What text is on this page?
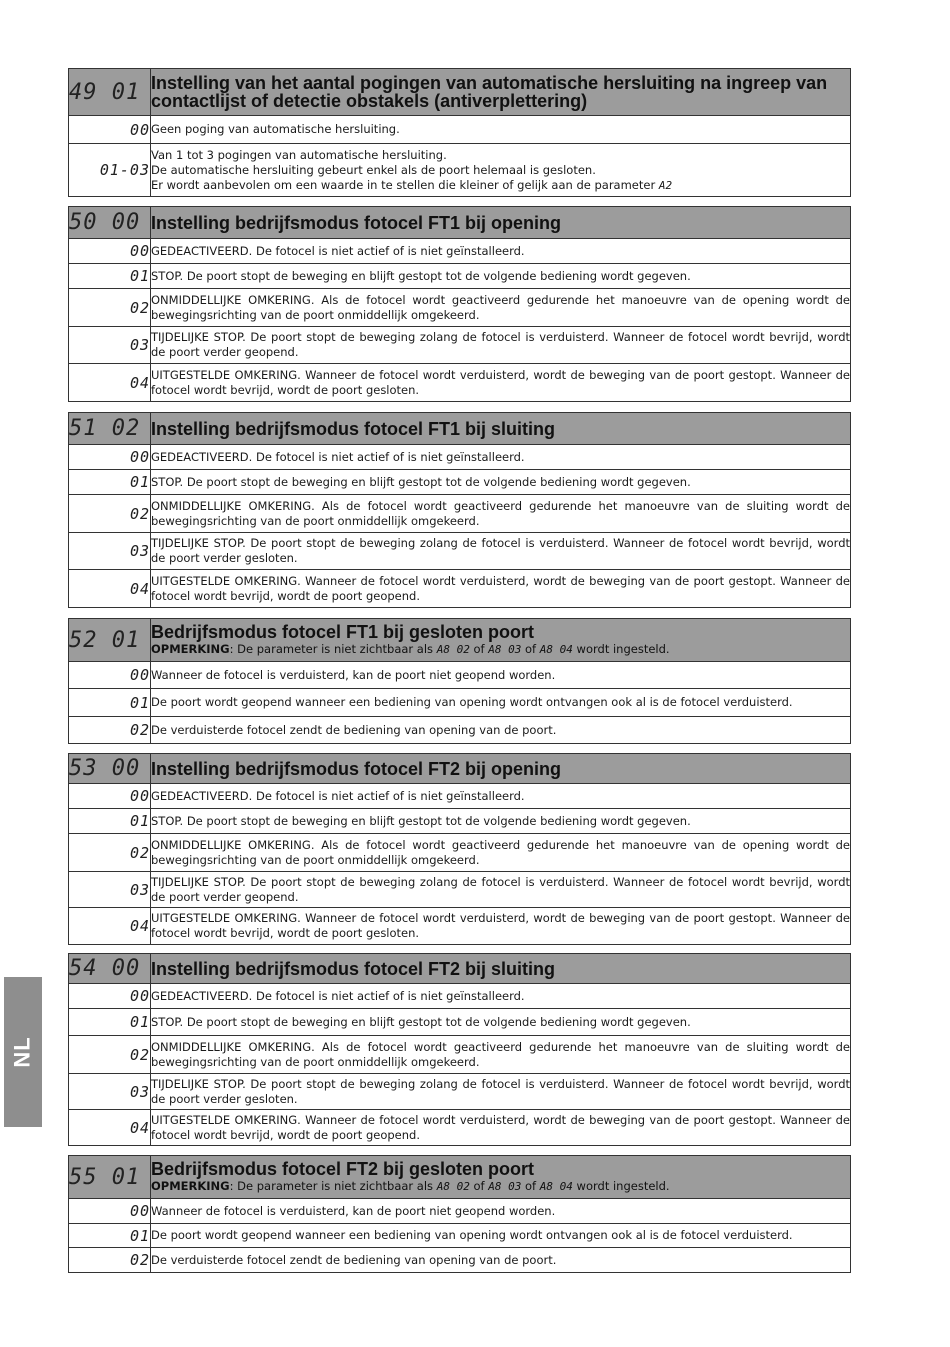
NL
49 01	Instelling van het aantal pogingen van automatische hersluiting na ingreep van contactlijst of detectie obstakels (antiverplettering)
00	Geen poging van automatische hersluiting.

01-03	Van 1 tot 3 pogingen van automatische hersluiting.
De automatische hersluiting gebeurt enkel als de poort helemaal is gesloten.
Er wordt aanbevolen om een waarde in te stellen die kleiner of gelijk aan de parameter A2
50 00	Instelling bedrijfsmodus fotocel FT1 bij opening
00	GEDEACTIVEERD. De fotocel is niet actief of is niet geïnstalleerd.

01	STOP. De poort stopt de beweging en blijft gestopt tot de volgende bediening wordt gegeven.

02	ONMIDDELLIJKE OMKERING. Als de fotocel wordt geactiveerd gedurende het manoeuvre van de opening wordt de bewegingsrichting van de poort onmiddellijk omgekeerd.

03	TIJDELIJKE STOP. De poort stopt de beweging zolang de fotocel is verduisterd. Wanneer de fotocel wordt bevrijd, wordt de poort verder geopend.

04	UITGESTELDE OMKERING. Wanneer de fotocel wordt verduisterd, wordt de beweging van de poort gestopt. Wanneer de fotocel wordt bevrijd, wordt de poort gesloten.
51 02	Instelling bedrijfsmodus fotocel FT1 bij sluiting
00	GEDEACTIVEERD. De fotocel is niet actief of is niet geïnstalleerd.

01	STOP. De poort stopt de beweging en blijft gestopt tot de volgende bediening wordt gegeven.

02	ONMIDDELLIJKE OMKERING. Als de fotocel wordt geactiveerd gedurende het manoeuvre van de sluiting wordt de bewegingsrichting van de poort onmiddellijk omgekeerd.

03	TIJDELIJKE STOP. De poort stopt de beweging zolang de fotocel is verduisterd. Wanneer de fotocel wordt bevrijd, wordt de poort verder gesloten.

04	UITGESTELDE OMKERING. Wanneer de fotocel wordt verduisterd, wordt de beweging van de poort gestopt. Wanneer de fotocel wordt bevrijd, wordt de poort geopend.
52 01	Bedrijfsmodus fotocel FT1 bij gesloten poort
OPMERKING: De parameter is niet zichtbaar als A8 02 of A8 03 of A8 04 wordt ingesteld.

00	Wanneer de fotocel is verduisterd, kan de poort niet geopend worden.

01	De poort wordt geopend wanneer een bediening van opening wordt ontvangen ook al is de fotocel verduisterd.

02	De verduisterde fotocel zendt de bediening van opening van de poort.
53 00	Instelling bedrijfsmodus fotocel FT2 bij opening
00	GEDEACTIVEERD. De fotocel is niet actief of is niet geïnstalleerd.

01	STOP. De poort stopt de beweging en blijft gestopt tot de volgende bediening wordt gegeven.

02	ONMIDDELLIJKE OMKERING. Als de fotocel wordt geactiveerd gedurende het manoeuvre van de opening wordt de bewegingsrichting van de poort onmiddellijk omgekeerd.

03	TIJDELIJKE STOP. De poort stopt de beweging zolang de fotocel is verduisterd. Wanneer de fotocel wordt bevrijd, wordt de poort verder geopend.

04	UITGESTELDE OMKERING. Wanneer de fotocel wordt verduisterd, wordt de beweging van de poort gestopt. Wanneer de fotocel wordt bevrijd, wordt de poort gesloten.
54 00	Instelling bedrijfsmodus fotocel FT2 bij sluiting
00	GEDEACTIVEERD. De fotocel is niet actief of is niet geïnstalleerd.

01	STOP. De poort stopt de beweging en blijft gestopt tot de volgende bediening wordt gegeven.

02	ONMIDDELLIJKE OMKERING. Als de fotocel wordt geactiveerd gedurende het manoeuvre van de sluiting wordt de bewegingsrichting van de poort onmiddellijk omgekeerd.

03	TIJDELIJKE STOP. De poort stopt de beweging zolang de fotocel is verduisterd. Wanneer de fotocel wordt bevrijd, wordt de poort verder gesloten.

04	UITGESTELDE OMKERING. Wanneer de fotocel wordt verduisterd, wordt de beweging van de poort gestopt. Wanneer de fotocel wordt bevrijd, wordt de poort geopend.
55 01	Bedrijfsmodus fotocel FT2 bij gesloten poort
OPMERKING: De parameter is niet zichtbaar als A8 02 of A8 03 of A8 04 wordt ingesteld.

00	Wanneer de fotocel is verduisterd, kan de poort niet geopend worden.

01	De poort wordt geopend wanneer een bediening van opening wordt ontvangen ook al is de fotocel verduisterd.

02	De verduisterde fotocel zendt de bediening van opening van de poort.
